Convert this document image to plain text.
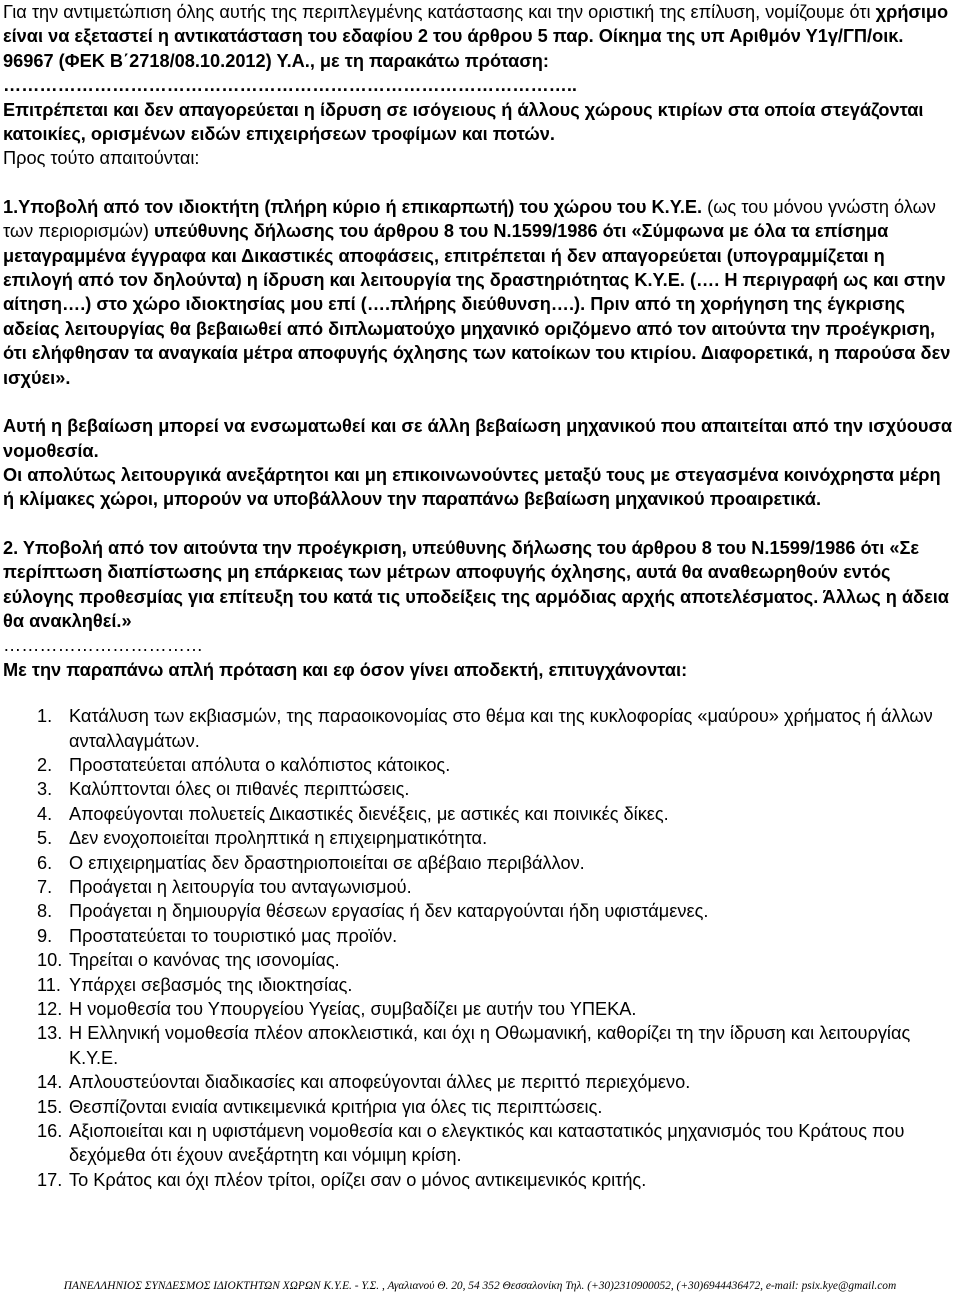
Για την αντιμετώπιση όλης αυτής της περιπλεγμένης κατάστασης και την οριστική της επίλυση, νομίζουμε ότι χρήσιμο είναι να εξεταστεί η αντικατάσταση του εδαφίου 2 του άρθρου 5 παρ. Οίκημα της υπ Αριθμόν Υ1γ/ΓΠ/οικ. 96967 (ΦΕΚ Β΄2718/08.10.2012) Υ.Α., με τη παρακάτω πρόταση:

…………………………………………………………………………………..

Επιτρέπεται και δεν απαγορεύεται η ίδρυση σε ισόγειους ή άλλους χώρους κτιρίων στα οποία στεγάζονται κατοικίες, ορισμένων ειδών επιχειρήσεων τροφίμων και ποτών.

Προς τούτο απαιτούνται:

1.Υποβολή από τον ιδιοκτήτη (πλήρη κύριο ή επικαρπωτή) του χώρου του Κ.Υ.Ε. (ως του μόνου γνώστη όλων των περιορισμών) υπεύθυνης δήλωσης του άρθρου 8 του Ν.1599/1986 ότι «Σύμφωνα με όλα τα επίσημα μεταγραμμένα έγγραφα και Δικαστικές αποφάσεις, επιτρέπεται ή δεν απαγορεύεται (υπογραμμίζεται η επιλογή από τον δηλούντα) η ίδρυση και λειτουργία της δραστηριότητας Κ.Υ.Ε. (…. Η περιγραφή ως και στην αίτηση….) στο χώρο ιδιοκτησίας μου επί (….πλήρης διεύθυνση….). Πριν από τη χορήγηση της έγκρισης αδείας λειτουργίας θα βεβαιωθεί από διπλωματούχο μηχανικό οριζόμενο από τον αιτούντα την προέγκριση, ότι ελήφθησαν τα αναγκαία μέτρα αποφυγής όχλησης των κατοίκων του κτιρίου. Διαφορετικά, η παρούσα δεν ισχύει».

Αυτή η βεβαίωση μπορεί να ενσωματωθεί και σε άλλη βεβαίωση μηχανικού που απαιτείται από την ισχύουσα νομοθεσία.

Οι απολύτως λειτουργικά ανεξάρτητοι και μη επικοινωνούντες μεταξύ τους με στεγασμένα κοινόχρηστα μέρη ή κλίμακες χώροι, μπορούν να υποβάλλουν την παραπάνω βεβαίωση μηχανικού προαιρετικά.

2. Υποβολή από τον αιτούντα την προέγκριση, υπεύθυνης δήλωσης του άρθρου 8 του Ν.1599/1986 ότι «Σε περίπτωση διαπίστωσης μη επάρκειας των μέτρων αποφυγής όχλησης, αυτά θα αναθεωρηθούν εντός εύλογης προθεσμίας για επίτευξη του κατά τις υποδείξεις της αρμόδιας αρχής αποτελέσματος. Άλλως η άδεια θα ανακληθεί.»

……………………………

Με την παραπάνω απλή πρόταση και εφ όσον γίνει αποδεκτή, επιτυγχάνονται:

1. Κατάλυση των εκβιασμών, της παραοικονομίας στο θέμα και της κυκλοφορίας «μαύρου» χρήματος ή άλλων ανταλλαγμάτων.
2. Προστατεύεται απόλυτα ο καλόπιστος κάτοικος.
3. Καλύπτονται όλες οι πιθανές περιπτώσεις.
4. Αποφεύγονται πολυετείς Δικαστικές διενέξεις, με αστικές και ποινικές δίκες.
5. Δεν ενοχοποιείται προληπτικά η επιχειρηματικότητα.
6. Ο επιχειρηματίας δεν δραστηριοποιείται σε αβέβαιο περιβάλλον.
7. Προάγεται η λειτουργία του ανταγωνισμού.
8. Προάγεται η δημιουργία θέσεων εργασίας ή δεν καταργούνται ήδη υφιστάμενες.
9. Προστατεύεται το τουριστικό μας προϊόν.
10. Τηρείται ο κανόνας της ισονομίας.
11. Υπάρχει σεβασμός της ιδιοκτησίας.
12. Η νομοθεσία του Υπουργείου Υγείας, συμβαδίζει με αυτήν του ΥΠΕΚΑ.
13. Η Ελληνική νομοθεσία πλέον αποκλειστικά, και όχι η Οθωμανική, καθορίζει τη την ίδρυση και λειτουργίας Κ.Υ.Ε.
14. Απλουστεύονται διαδικασίες και αποφεύγονται άλλες με περιττό περιεχόμενο.
15. Θεσπίζονται ενιαία αντικειμενικά κριτήρια για όλες τις περιπτώσεις.
16. Αξιοποιείται και η υφιστάμενη νομοθεσία και ο ελεγκτικός και καταστατικός μηχανισμός του Κράτους που δεχόμεθα ότι έχουν ανεξάρτητη και νόμιμη κρίση.
17. Το Κράτος και όχι πλέον τρίτοι, ορίζει σαν ο μόνος αντικειμενικός κριτής.
ΠΑΝΕΛΛΗΝΙΟΣ ΣΥΝΔΕΣΜΟΣ ΙΔΙΟΚΤΗΤΩΝ ΧΩΡΩΝ Κ.Υ.Ε. - Υ.Σ. , Αγαλιανού Θ. 20, 54 352 Θεσσαλονίκη Τηλ. (+30)2310900052, (+30)6944436472, e-mail: psix.kye@gmail.com
